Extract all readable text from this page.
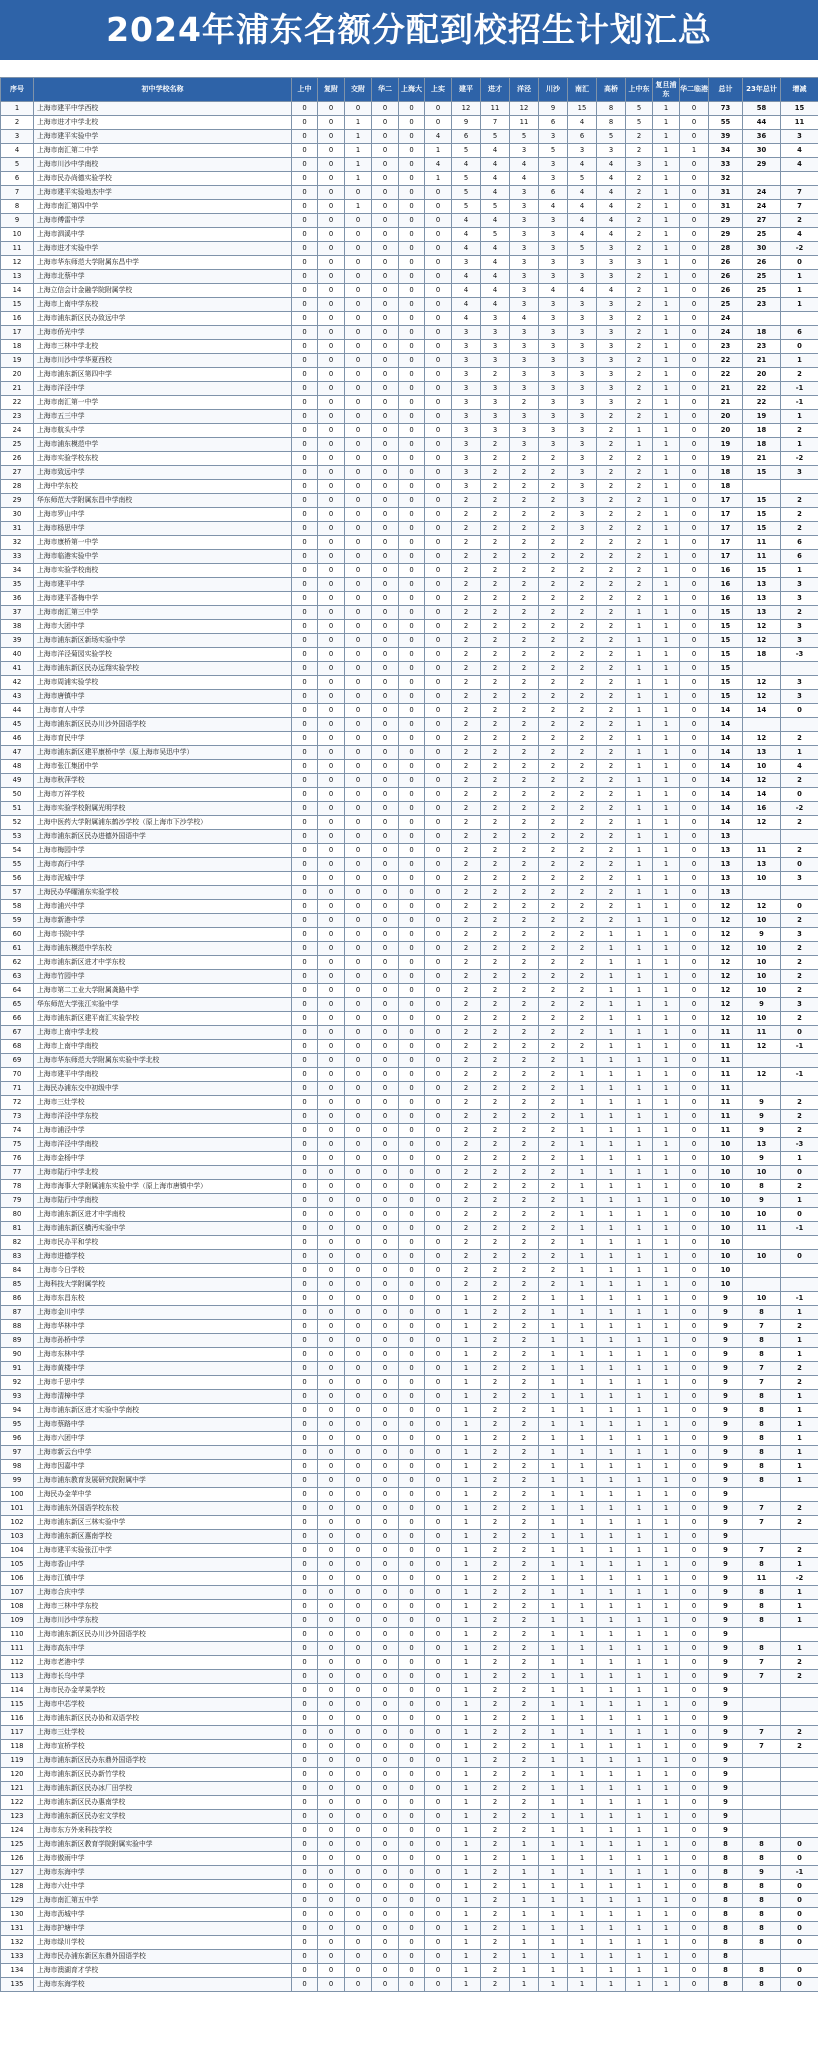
2024年浦东名额分配到校招生计划汇总
序号	初中学校名称	上中	复附	交附	华二	上海大	上实	建平	进才	洋泾	川沙	南汇	高桥	上中东	复旦浦东	华二临港	总计	23年总计	增减
1	上海市建平中学西校	0	0	0	0	0	0	12	11	12	9	15	8	5	1	0	73	58	15
2	上海市进才中学北校	0	0	1	0	0	0	9	7	11	6	4	8	5	1	0	55	44	11
3	上海市建平实验中学	0	0	1	0	0	4	6	5	5	3	6	5	2	1	0	39	36	3
4	上海市南汇第二中学	0	0	1	0	0	1	5	4	3	5	3	3	2	1	1	34	30	4
5	上海市川沙中学南校	0	0	1	0	0	4	4	4	4	3	4	4	3	1	0	33	29	4
6	上海市民办尚德实验学校	0	0	1	0	0	1	5	4	4	3	5	4	2	1	0	32		
7	上海市建平实验地杰中学	0	0	0	0	0	0	5	4	3	6	4	4	2	1	0	31	24	7
8	上海市南汇第四中学	0	0	1	0	0	0	5	5	3	4	4	4	2	1	0	31	24	7
9	上海市傅雷中学	0	0	0	0	0	0	4	4	3	3	4	4	2	1	0	29	27	2
10	上海市泗溪中学	0	0	0	0	0	0	4	5	3	3	4	4	2	1	0	29	25	4
11	上海市进才实验中学	0	0	0	0	0	0	4	4	3	3	5	3	2	1	0	28	30	-2
12	上海市华东师范大学附属东昌中学	0	0	0	0	0	0	3	4	3	3	3	3	3	1	0	26	26	0
13	上海市北蔡中学	0	0	0	0	0	0	4	4	3	3	3	3	2	1	0	26	25	1
14	上海立信会计金融学院附属学校	0	0	0	0	0	0	4	4	3	4	4	4	2	1	0	26	25	1
15	上海市上南中学东校	0	0	0	0	0	0	4	4	3	3	3	3	2	1	0	25	23	1
16	上海市浦东新区民办致远中学	0	0	0	0	0	0	4	3	4	3	3	3	2	1	0	24		
17	上海市侨光中学	0	0	0	0	0	0	3	3	3	3	3	3	2	1	0	24	18	6
18	上海市三林中学北校	0	0	0	0	0	0	3	3	3	3	3	3	2	1	0	23	23	0
19	上海市川沙中学华夏西校	0	0	0	0	0	0	3	3	3	3	3	3	2	1	0	22	21	1
20	上海市浦东新区第四中学	0	0	0	0	0	0	3	2	3	3	3	3	2	1	0	22	20	2
21	上海市洋泾中学	0	0	0	0	0	0	3	3	3	3	3	3	2	1	0	21	22	-1
22	上海市南汇第一中学	0	0	0	0	0	0	3	3	2	3	3	3	2	1	0	21	22	-1
23	上海市五三中学	0	0	0	0	0	0	3	3	3	3	3	2	2	1	0	20	19	1
24	上海市航头中学	0	0	0	0	0	0	3	3	3	3	3	2	1	1	0	20	18	2
25	上海市浦东模范中学	0	0	0	0	0	0	3	2	3	3	3	2	1	1	0	19	18	1
26	上海市实验学校东校	0	0	0	0	0	0	3	2	2	2	3	2	2	1	0	19	21	-2
27	上海市致远中学	0	0	0	0	0	0	3	2	2	2	3	2	2	1	0	18	15	3
28	上海中学东校	0	0	0	0	0	0	3	2	2	2	3	2	2	1	0	18		
29	华东师范大学附属东昌中学南校	0	0	0	0	0	0	2	2	2	2	3	2	2	1	0	17	15	2
30	上海市罗山中学	0	0	0	0	0	0	2	2	2	2	3	2	2	1	0	17	15	2
31	上海市杨思中学	0	0	0	0	0	0	2	2	2	2	3	2	2	1	0	17	15	2
32	上海市康桥第一中学	0	0	0	0	0	0	2	2	2	2	2	2	2	1	0	17	11	6
33	上海市临港实验中学	0	0	0	0	0	0	2	2	2	2	2	2	2	1	0	17	11	6
34	上海市实验学校南校	0	0	0	0	0	0	2	2	2	2	2	2	2	1	0	16	15	1
35	上海市建平中学	0	0	0	0	0	0	2	2	2	2	2	2	2	1	0	16	13	3
36	上海市建平香梅中学	0	0	0	0	0	0	2	2	2	2	2	2	2	1	0	16	13	3
37	上海市南汇第三中学	0	0	0	0	0	0	2	2	2	2	2	2	1	1	0	15	13	2
38	上海市大团中学	0	0	0	0	0	0	2	2	2	2	2	2	1	1	0	15	12	3
39	上海市浦东新区新场实验中学	0	0	0	0	0	0	2	2	2	2	2	2	1	1	0	15	12	3
40	上海市洋泾菊园实验学校	0	0	0	0	0	0	2	2	2	2	2	2	1	1	0	15	18	-3
41	上海市浦东新区民办远翔实验学校	0	0	0	0	0	0	2	2	2	2	2	2	1	1	0	15		
42	上海市周浦实验学校	0	0	0	0	0	0	2	2	2	2	2	2	1	1	0	15	12	3
43	上海市唐镇中学	0	0	0	0	0	0	2	2	2	2	2	2	1	1	0	15	12	3
44	上海市育人中学	0	0	0	0	0	0	2	2	2	2	2	2	1	1	0	14	14	0
45	上海市浦东新区民办川沙外国语学校	0	0	0	0	0	0	2	2	2	2	2	2	1	1	0	14		
46	上海市育民中学	0	0	0	0	0	0	2	2	2	2	2	2	1	1	0	14	12	2
47	上海市浦东新区建平康桥中学（原上海市吴迅中学）	0	0	0	0	0	0	2	2	2	2	2	2	1	1	0	14	13	1
48	上海市张江集团中学	0	0	0	0	0	0	2	2	2	2	2	2	1	1	0	14	10	4
49	上海市秋萍学校	0	0	0	0	0	0	2	2	2	2	2	2	1	1	0	14	12	2
50	上海市万祥学校	0	0	0	0	0	0	2	2	2	2	2	2	1	1	0	14	14	0
51	上海市实验学校附属光明学校	0	0	0	0	0	0	2	2	2	2	2	2	1	1	0	14	16	-2
52	上海中医药大学附属浦东鹤沙学校（原上海市下沙学校）	0	0	0	0	0	0	2	2	2	2	2	2	1	1	0	14	12	2
53	上海市浦东新区民办进德外国语中学	0	0	0	0	0	0	2	2	2	2	2	2	1	1	0	13		
54	上海市梅园中学	0	0	0	0	0	0	2	2	2	2	2	2	1	1	0	13	11	2
55	上海市高行中学	0	0	0	0	0	0	2	2	2	2	2	2	1	1	0	13	13	0
56	上海市泥城中学	0	0	0	0	0	0	2	2	2	2	2	2	1	1	0	13	10	3
57	上海民办华曜浦东实验学校	0	0	0	0	0	0	2	2	2	2	2	2	1	1	0	13		
58	上海市浦兴中学	0	0	0	0	0	0	2	2	2	2	2	2	1	1	0	12	12	0
59	上海市新港中学	0	0	0	0	0	0	2	2	2	2	2	2	1	1	0	12	10	2
60	上海市书院中学	0	0	0	0	0	0	2	2	2	2	2	1	1	1	0	12	9	3
61	上海市浦东模范中学东校	0	0	0	0	0	0	2	2	2	2	2	1	1	1	0	12	10	2
62	上海市浦东新区进才中学东校	0	0	0	0	0	0	2	2	2	2	2	1	1	1	0	12	10	2
63	上海市竹园中学	0	0	0	0	0	0	2	2	2	2	2	1	1	1	0	12	10	2
64	上海市第二工业大学附属龚路中学	0	0	0	0	0	0	2	2	2	2	2	1	1	1	0	12	10	2
65	华东师范大学张江实验中学	0	0	0	0	0	0	2	2	2	2	2	1	1	1	0	12	9	3
66	上海市浦东新区建平南汇实验学校	0	0	0	0	0	0	2	2	2	2	2	1	1	1	0	12	10	2
67	上海市上南中学北校	0	0	0	0	0	0	2	2	2	2	2	1	1	1	0	11	11	0
68	上海市上南中学南校	0	0	0	0	0	0	2	2	2	2	2	1	1	1	0	11	12	-1
69	上海市华东师范大学附属东实验中学北校	0	0	0	0	0	0	2	2	2	2	1	1	1	1	0	11		
70	上海市建平中学南校	0	0	0	0	0	0	2	2	2	2	1	1	1	1	0	11	12	-1
71	上海民办浦东交中初级中学	0	0	0	0	0	0	2	2	2	2	1	1	1	1	0	11		
72	上海市三灶学校	0	0	0	0	0	0	2	2	2	2	1	1	1	1	0	11	9	2
73	上海市洋泾中学东校	0	0	0	0	0	0	2	2	2	2	1	1	1	1	0	11	9	2
74	上海市浦泾中学	0	0	0	0	0	0	2	2	2	2	1	1	1	1	0	11	9	2
75	上海市洋泾中学南校	0	0	0	0	0	0	2	2	2	2	1	1	1	1	0	10	13	-3
76	上海市金杨中学	0	0	0	0	0	0	2	2	2	2	1	1	1	1	0	10	9	1
77	上海市陆行中学北校	0	0	0	0	0	0	2	2	2	2	1	1	1	1	0	10	10	0
78	上海市海事大学附属浦东实验中学（原上海市唐镇中学）	0	0	0	0	0	0	2	2	2	2	1	1	1	1	0	10	8	2
79	上海市陆行中学南校	0	0	0	0	0	0	2	2	2	2	1	1	1	1	0	10	9	1
80	上海市浦东新区进才中学南校	0	0	0	0	0	0	2	2	2	2	1	1	1	1	0	10	10	0
81	上海市浦东新区横沔实验中学	0	0	0	0	0	0	2	2	2	2	1	1	1	1	0	10	11	-1
82	上海市民办平和学校	0	0	0	0	0	0	2	2	2	2	1	1	1	1	0	10		
83	上海市进德学校	0	0	0	0	0	0	2	2	2	2	1	1	1	1	0	10	10	0
84	上海市今日学校	0	0	0	0	0	0	2	2	2	2	1	1	1	1	0	10		
85	上海科技大学附属学校	0	0	0	0	0	0	2	2	2	2	1	1	1	1	0	10		
86	上海市东昌东校	0	0	0	0	0	0	1	2	2	1	1	1	1	1	0	9	10	-1
87	上海市金川中学	0	0	0	0	0	0	1	2	2	1	1	1	1	1	0	9	8	1
88	上海市华林中学	0	0	0	0	0	0	1	2	2	1	1	1	1	1	0	9	7	2
89	上海市孙桥中学	0	0	0	0	0	0	1	2	2	1	1	1	1	1	0	9	8	1
90	上海市东林中学	0	0	0	0	0	0	1	2	2	1	1	1	1	1	0	9	8	1
91	上海市黄楼中学	0	0	0	0	0	0	1	2	2	1	1	1	1	1	0	9	7	2
92	上海市千思中学	0	0	0	0	0	0	1	2	2	1	1	1	1	1	0	9	7	2
93	上海市清樟中学	0	0	0	0	0	0	1	2	2	1	1	1	1	1	0	9	8	1
94	上海市浦东新区进才实验中学南校	0	0	0	0	0	0	1	2	2	1	1	1	1	1	0	9	8	1
95	上海市蔡路中学	0	0	0	0	0	0	1	2	2	1	1	1	1	1	0	9	8	1
96	上海市六团中学	0	0	0	0	0	0	1	2	2	1	1	1	1	1	0	9	8	1
97	上海市新云台中学	0	0	0	0	0	0	1	2	2	1	1	1	1	1	0	9	8	1
98	上海市因嘉中学	0	0	0	0	0	0	1	2	2	1	1	1	1	1	0	9	8	1
99	上海市浦东教育发展研究院附属中学	0	0	0	0	0	0	1	2	2	1	1	1	1	1	0	9	8	1
100	上海民办金苹中学	0	0	0	0	0	0	1	2	2	1	1	1	1	1	0	9		
101	上海市浦东外国语学校东校	0	0	0	0	0	0	1	2	2	1	1	1	1	1	0	9	7	2
102	上海市浦东新区三林实验中学	0	0	0	0	0	0	1	2	2	1	1	1	1	1	0	9	7	2
103	上海市浦东新区惠南学校	0	0	0	0	0	0	1	2	2	1	1	1	1	1	0	9		
104	上海市建平实验张江中学	0	0	0	0	0	0	1	2	2	1	1	1	1	1	0	9	7	2
105	上海市香山中学	0	0	0	0	0	0	1	2	2	1	1	1	1	1	0	9	8	1
106	上海市江镇中学	0	0	0	0	0	0	1	2	2	1	1	1	1	1	0	9	11	-2
107	上海市合庆中学	0	0	0	0	0	0	1	2	2	1	1	1	1	1	0	9	8	1
108	上海市三林中学东校	0	0	0	0	0	0	1	2	2	1	1	1	1	1	0	9	8	1
109	上海市川沙中学东校	0	0	0	0	0	0	1	2	2	1	1	1	1	1	0	9	8	1
110	上海市浦东新区民办川沙外国语学校	0	0	0	0	0	0	1	2	2	1	1	1	1	1	0	9		
111	上海市高东中学	0	0	0	0	0	0	1	2	2	1	1	1	1	1	0	9	8	1
112	上海市老港中学	0	0	0	0	0	0	1	2	2	1	1	1	1	1	0	9	7	2
113	上海市长乌中学	0	0	0	0	0	0	1	2	2	1	1	1	1	1	0	9	7	2
114	上海市民办金苹果学校	0	0	0	0	0	0	1	2	2	1	1	1	1	1	0	9		
115	上海市中芯学校	0	0	0	0	0	0	1	2	2	1	1	1	1	1	0	9		
116	上海市浦东新区民办协和双语学校	0	0	0	0	0	0	1	2	2	1	1	1	1	1	0	9		
117	上海市三灶学校	0	0	0	0	0	0	1	2	2	1	1	1	1	1	0	9	7	2
118	上海市宣桥学校	0	0	0	0	0	0	1	2	2	1	1	1	1	1	0	9	7	2
119	上海市浦东新区民办东鼎外国语学校	0	0	0	0	0	0	1	2	2	1	1	1	1	1	0	9		
120	上海市浦东新区民办新竹学校	0	0	0	0	0	0	1	2	2	1	1	1	1	1	0	9		
121	上海市浦东新区民办冰厂田学校	0	0	0	0	0	0	1	2	2	1	1	1	1	1	0	9		
122	上海市浦东新区民办惠南学校	0	0	0	0	0	0	1	2	2	1	1	1	1	1	0	9		
123	上海市浦东新区民办宏文学校	0	0	0	0	0	0	1	2	2	1	1	1	1	1	0	9		
124	上海市东方外来科技学校	0	0	0	0	0	0	1	2	2	1	1	1	1	1	0	9		
125	上海市浦东新区教育学院附属实验中学	0	0	0	0	0	0	1	2	1	1	1	1	1	1	0	8	8	0
126	上海市傲雨中学	0	0	0	0	0	0	1	2	1	1	1	1	1	1	0	8	8	0
127	上海市东海中学	0	0	0	0	0	0	1	2	1	1	1	1	1	1	0	8	9	-1
128	上海市六灶中学	0	0	0	0	0	0	1	2	1	1	1	1	1	1	0	8	8	0
129	上海市南汇第五中学	0	0	0	0	0	0	1	2	1	1	1	1	1	1	0	8	8	0
130	上海市沥城中学	0	0	0	0	0	0	1	2	1	1	1	1	1	1	0	8	8	0
131	上海市护塘中学	0	0	0	0	0	0	1	2	1	1	1	1	1	1	0	8	8	0
132	上海市绿川学校	0	0	0	0	0	0	1	2	1	1	1	1	1	1	0	8	8	0
133	上海市民办浦东新区东鼎外国语学校	0	0	0	0	0	0	1	2	1	1	1	1	1	1	0	8		
134	上海市澳湖育才学校	0	0	0	0	0	0	1	2	1	1	1	1	1	1	0	8	8	0
135	上海市东海学校	0	0	0	0	0	0	1	2	1	1	1	1	1	1	0	8	8	0
